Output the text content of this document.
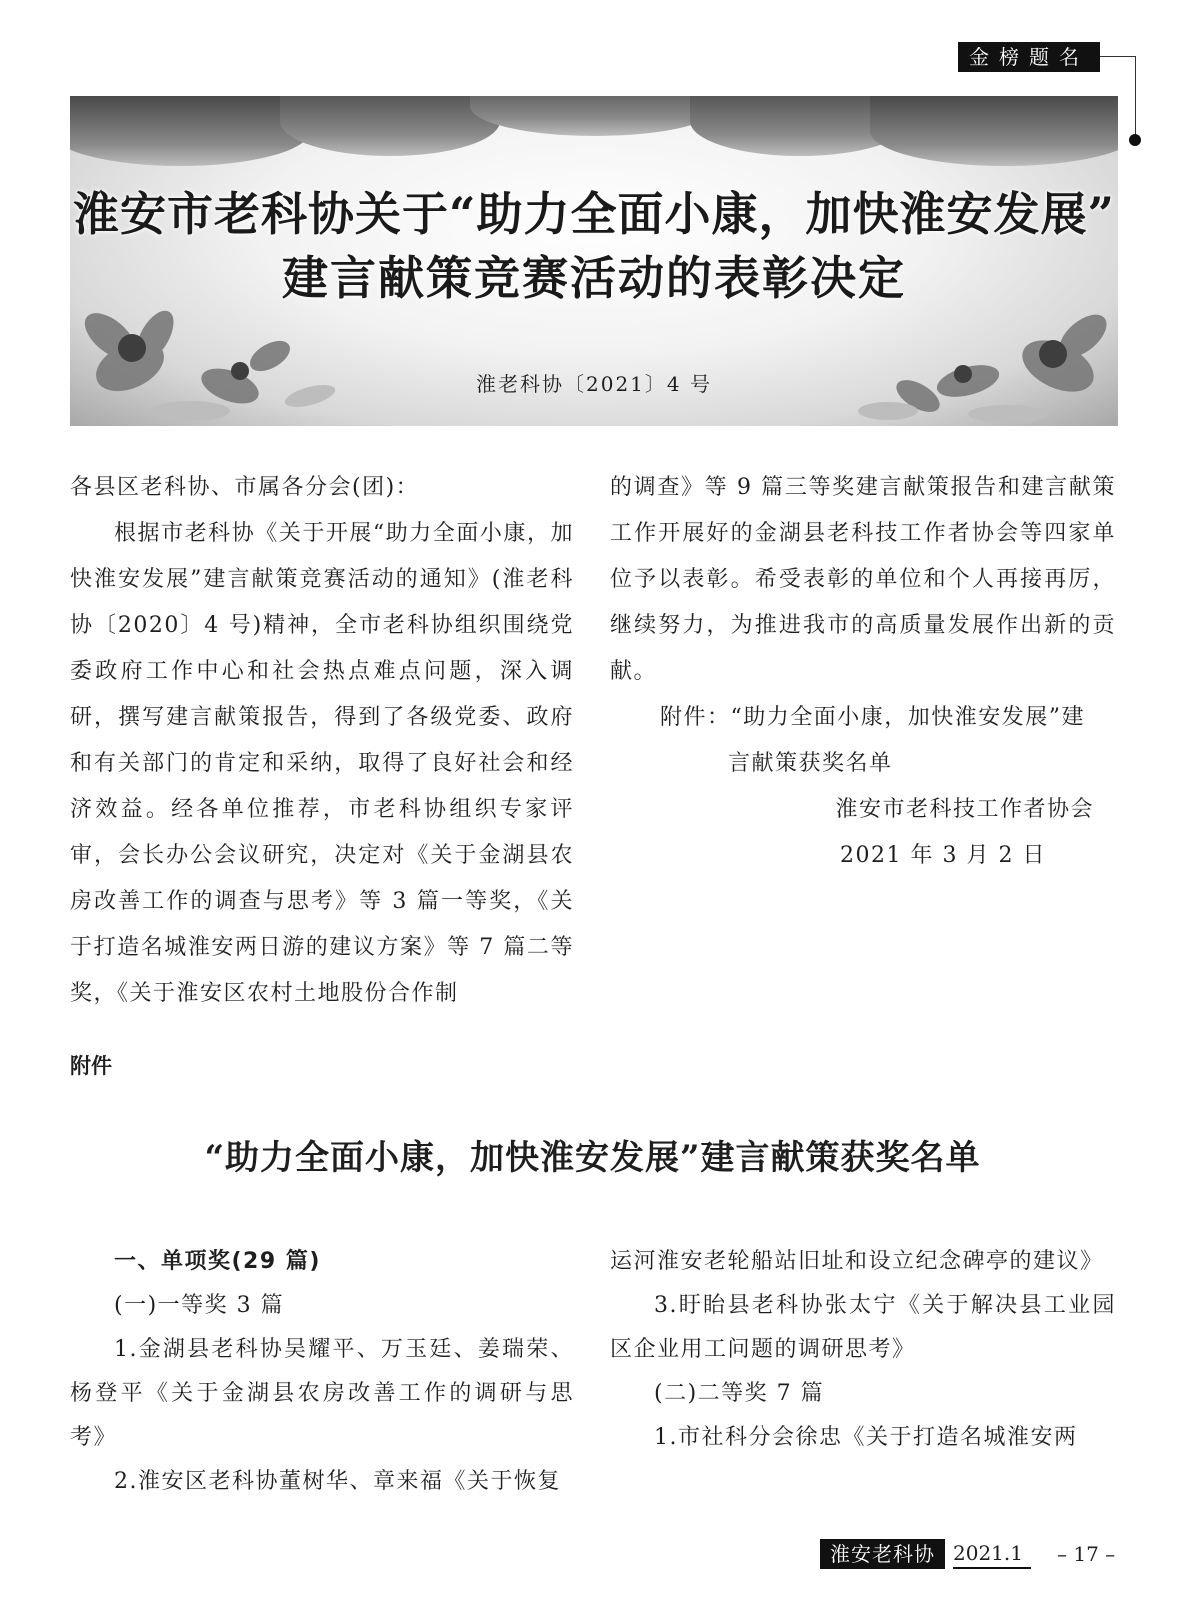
金榜题名
淮安市老科协关于“助力全面小康，加快淮安发展”
建言献策竞赛活动的表彰决定
淮老科协〔2021〕4 号

各县区老科协、市属各分会(团)：

根据市老科协《关于开展“助力全面小康，加快淮安发展”建言献策竞赛活动的通知》(淮老科协〔2020〕4 号)精神，全市老科协组织围绕党委政府工作中心和社会热点难点问题，深入调研，撰写建言献策报告，得到了各级党委、政府和有关部门的肯定和采纳，取得了良好社会和经济效益。经各单位推荐，市老科协组织专家评审，会长办公会议研究，决定对《关于金湖县农房改善工作的调查与思考》等 3 篇一等奖，《关于打造名城淮安两日游的建议方案》等 7 篇二等奖，《关于淮安区农村土地股份合作制

的调查》等 9 篇三等奖建言献策报告和建言献策工作开展好的金湖县老科技工作者协会等四家单位予以表彰。希受表彰的单位和个人再接再厉，继续努力，为推进我市的高质量发展作出新的贡献。

附件：“助力全面小康，加快淮安发展”建

言献策获奖名单

淮安市老科技工作者协会

2021 年 3 月 2 日

附件
“助力全面小康，加快淮安发展”建言献策获奖名单

一、单项奖(29 篇)

(一)一等奖 3 篇

1.金湖县老科协吴耀平、万玉廷、姜瑞荣、杨登平《关于金湖县农房改善工作的调研与思考》

2.淮安区老科协董树华、章来福《关于恢复

运河淮安老轮船站旧址和设立纪念碑亭的建议》

3.盱眙县老科协张太宁《关于解决县工业园区企业用工问题的调研思考》

(二)二等奖 7 篇

1.市社科分会徐忠《关于打造名城淮安两

淮安老科协 2021.1	– 17 –
